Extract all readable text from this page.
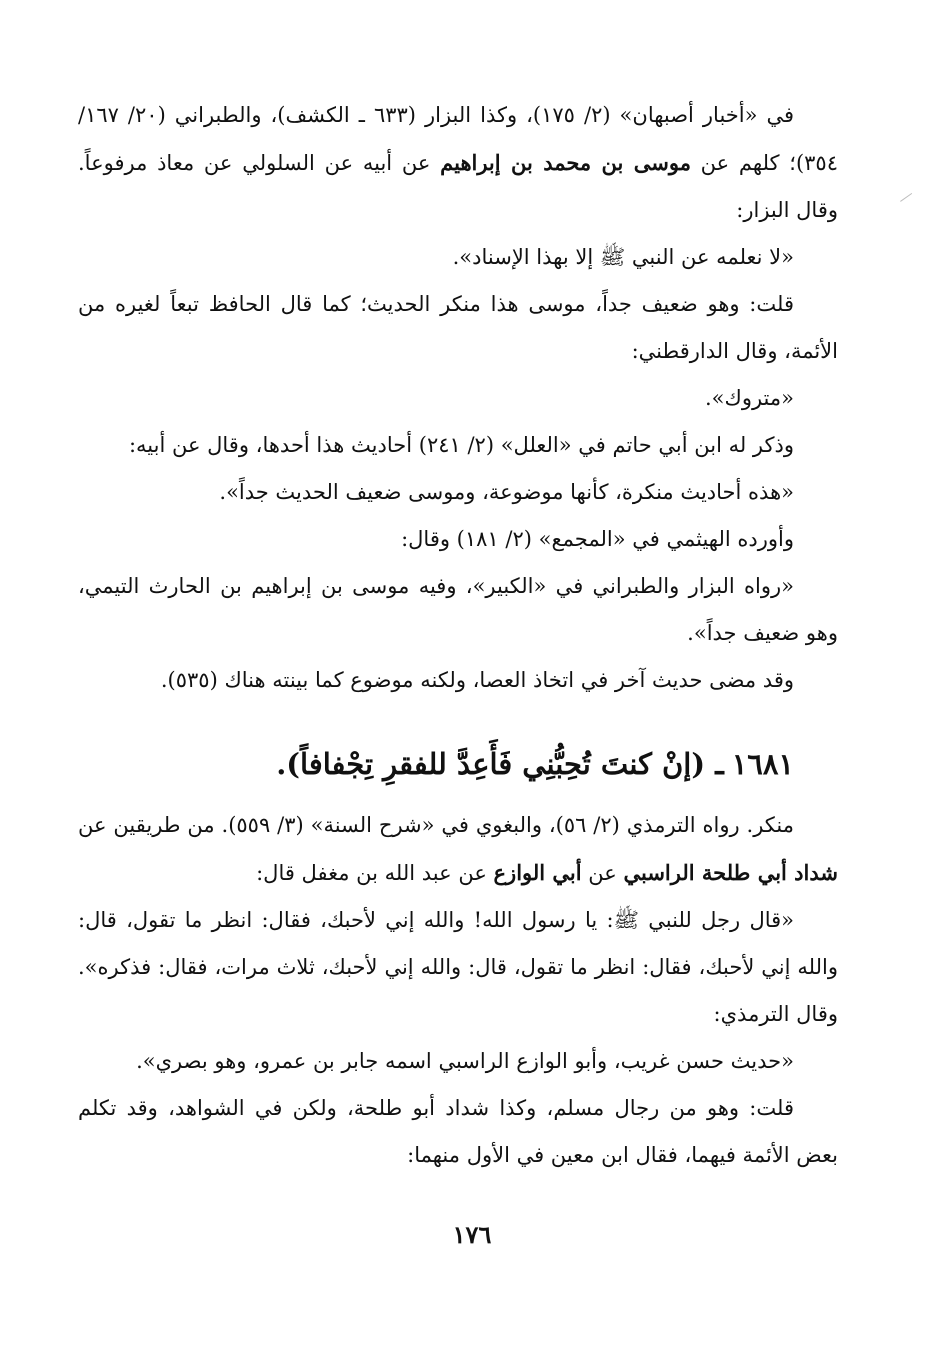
في «أخبار أصبهان» (٢/ ١٧٥)، وكذا البزار (٦٣٣ ـ الكشف)، والطبراني (٢٠/ ١٦٧/ ٣٥٤)؛ كلهم عن موسى بن محمد بن إبراهيم عن أبيه عن السلولي عن معاذ مرفوعاً. وقال البزار:

«لا نعلمه عن النبي ﷺ إلا بهذا الإسناد».

قلت: وهو ضعيف جداً، موسى هذا منكر الحديث؛ كما قال الحافظ تبعاً لغيره من الأئمة، وقال الدارقطني:

«متروك».

وذكر له ابن أبي حاتم في «العلل» (٢/ ٢٤١) أحاديث هذا أحدها، وقال عن أبيه:

«هذه أحاديث منكرة، كأنها موضوعة، وموسى ضعيف الحديث جداً».

وأورده الهيثمي في «المجمع» (٢/ ١٨١) وقال:

«رواه البزار والطبراني في «الكبير»، وفيه موسى بن إبراهيم بن الحارث التيمي، وهو ضعيف جداً».

وقد مضى حديث آخر في اتخاذ العصا، ولكنه موضوع كما بينته هناك (٥٣٥).

١٦٨١ـ (إنْ كنتَ تُحِبُّنِي فَأَعِدَّ للفقرِ تِجْفافاً).

منكر. رواه الترمذي (٢/ ٥٦)، والبغوي في «شرح السنة» (٣/ ٥٥٩). من طريقين عن شداد أبي طلحة الراسبي عن أبي الوازع عن عبد الله بن مغفل قال:

«قال رجل للنبي ﷺ: يا رسول الله! والله إني لأحبك، فقال: انظر ما تقول، قال: والله إني لأحبك، فقال: انظر ما تقول، قال: والله إني لأحبك، ثلاث مرات، فقال: فذكره». وقال الترمذي:

«حديث حسن غريب، وأبو الوازع الراسبي اسمه جابر بن عمرو، وهو بصري».

قلت: وهو من رجال مسلم، وكذا شداد أبو طلحة، ولكن في الشواهد، وقد تكلم بعض الأئمة فيهما، فقال ابن معين في الأول منهما:

١٧٦
